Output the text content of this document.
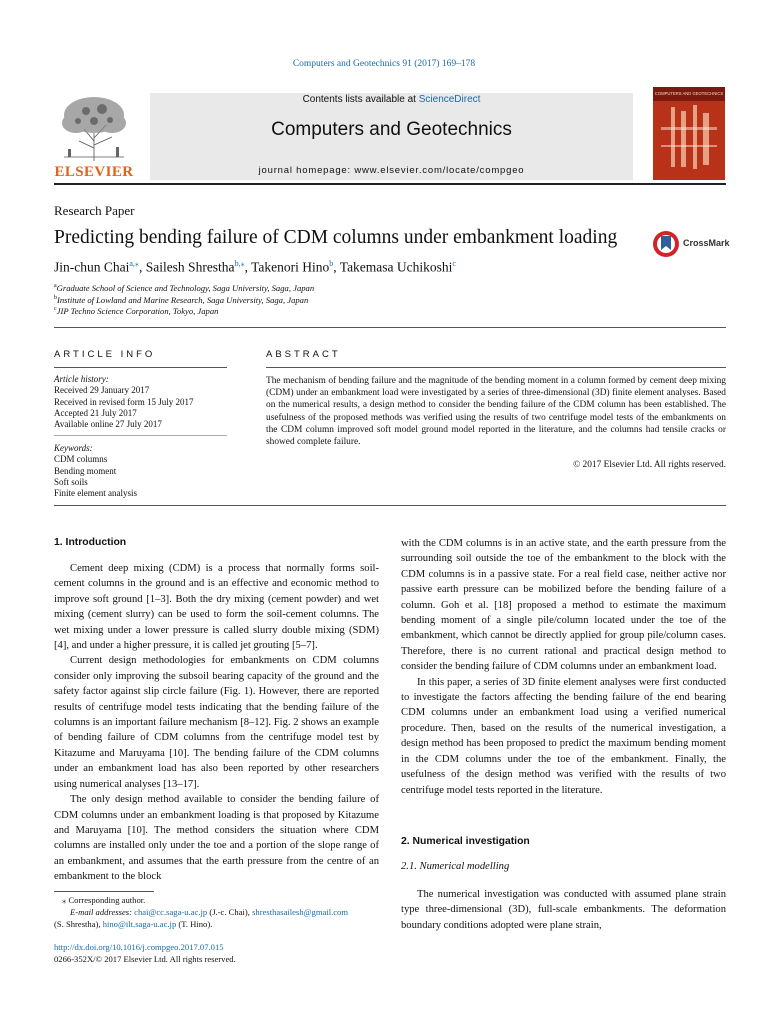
Computers and Geotechnics 91 (2017) 169–178
ELSEVIER
Contents lists available at ScienceDirect
Computers and Geotechnics
journal homepage: www.elsevier.com/locate/compgeo
COMPUTERS AND GEOTECHNICS
Research Paper
Predicting bending failure of CDM columns under embankment loading	CrossMark
Jin-chun Chai$^{a,⁎}$, Sailesh Shrestha$^{b,⁎}$, Takenori Hino$^b$, Takemasa Uchikoshi$^c$
$^a$Graduate School of Science and Technology, Saga University, Saga, Japan
$^b$Institute of Lowland and Marine Research, Saga University, Saga, Japan
$^c$JIP Techno Science Corporation, Tokyo, Japan
ARTICLE INFO
Article history:
Received 29 January 2017
Received in revised form 15 July 2017
Accepted 21 July 2017
Available online 27 July 2017
Keywords:
CDM columns
Bending moment
Soft soils
Finite element analysis
ABSTRACT
The mechanism of bending failure and the magnitude of the bending moment in a column formed by cement deep mixing (CDM) under an embankment load were investigated by a series of three-dimensional (3D) finite element analyses. Based on the numerical results, a design method to consider the bending failure of the CDM column has been established. The usefulness of the proposed methods was verified using the results of two centrifuge model tests of the embankments on the CDM column improved soft model ground model reported in the literature, and the columns had tensile cracks or showed complete failure.
© 2017 Elsevier Ltd. All rights reserved.
1. Introduction

Cement deep mixing (CDM) is a process that normally forms soil-cement columns in the ground and is an effective and economic method to improve soft ground [1–3]. Both the dry mixing (cement powder) and wet mixing (cement slurry) can be used to form the soil-cement columns. The wet mixing under a lower pressure is called slurry double mixing (SDM) [4], and under a higher pressure, it is called jet grouting [5–7].

Current design methodologies for embankments on CDM columns consider only improving the subsoil bearing capacity of the ground and the safety factor against slip circle failure (Fig. 1). However, there are reported results of centrifuge model tests indicating that the bending failure of the columns is an important failure mechanism [8–12]. Fig. 2 shows an example of bending failure of CDM columns from the centrifuge model test by Kitazume and Maruyama [10]. The bending failure of the CDM columns under an embankment load has also been reported by other researchers using numerical analyses [13–17].

The only design method available to consider the bending failure of CDM columns under an embankment loading is that proposed by Kitazume and Maruyama [10]. The method considers the situation where CDM columns are installed only under the toe and a portion of the slope range of an embankment, and assumes that the earth pressure from the centre of an embankment to the block

with the CDM columns is in an active state, and the earth pressure from the surrounding soil outside the toe of the embankment to the block with the CDM columns is in a passive state. For a real field case, neither active nor passive earth pressure can be mobilized before the bending failure of a column. Goh et al. [18] proposed a method to estimate the maximum bending moment of a single pile/column located under the toe of the embankment, which cannot be directly applied for group pile/column cases. Therefore, there is no current rational and practical design method to consider the bending failure of CDM columns under an embankment load.

In this paper, a series of 3D finite element analyses were first conducted to investigate the factors affecting the bending failure of the end bearing CDM columns under an embankment load using a verified numerical procedure. Then, based on the results of the numerical investigation, a design method has been proposed to predict the maximum bending moment in the CDM columns under the toe of the embankment. Finally, the usefulness of the design method was verified with the results of two centrifuge model tests reported in the literature.

2. Numerical investigation
2.1. Numerical modelling

The numerical investigation was conducted with assumed plane strain type three-dimensional (3D), full-scale embankments. The deformation boundary conditions adopted were plane strain,

⁎ Corresponding author.
E-mail addresses: chai@cc.saga-u.ac.jp (J.-c. Chai), shresthasailesh@gmail.com
(S. Shrestha), hino@ilt.saga-u.ac.jp (T. Hino).
http://dx.doi.org/10.1016/j.compgeo.2017.07.015
0266-352X/© 2017 Elsevier Ltd. All rights reserved.
